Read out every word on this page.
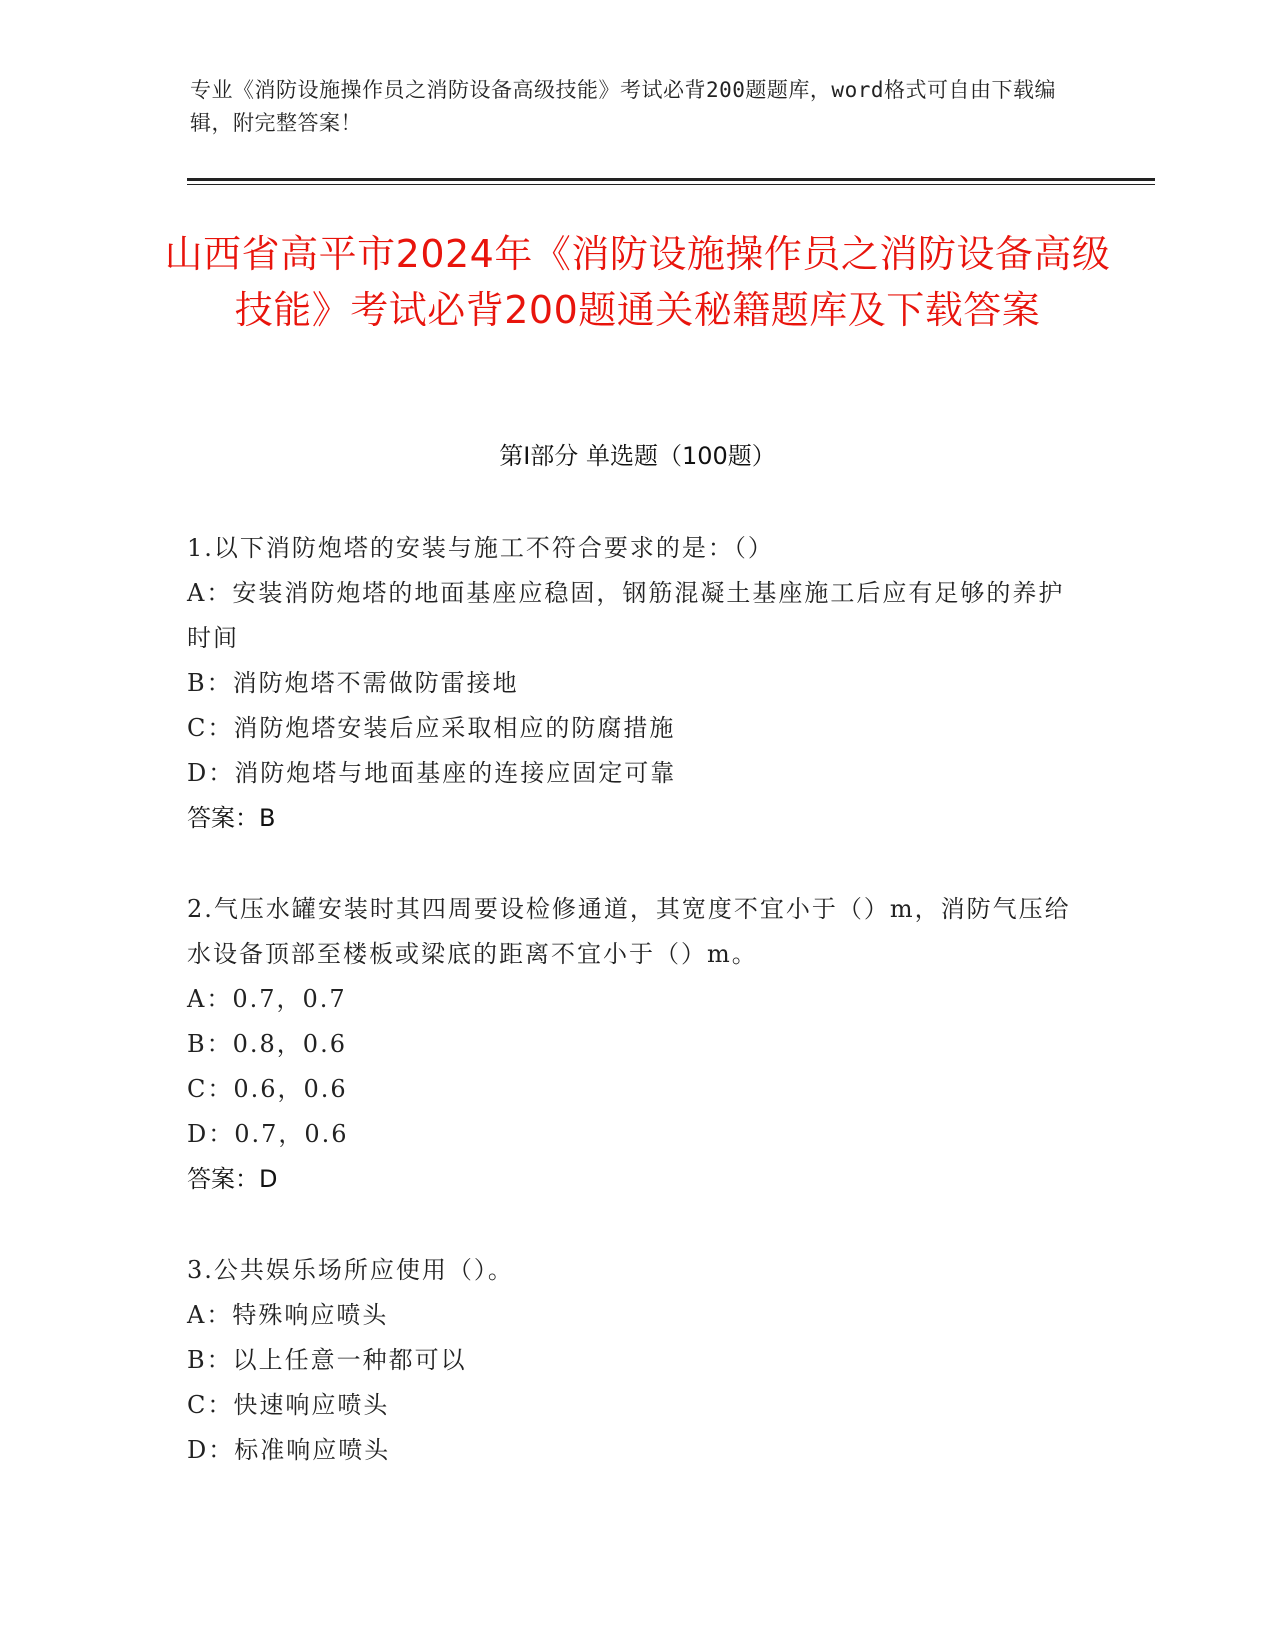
专业《消防设施操作员之消防设备高级技能》考试必背200题题库，word格式可自由下载编辑，附完整答案！
山西省高平市2024年《消防设施操作员之消防设备高级技能》考试必背200题通关秘籍题库及下载答案
第I部分 单选题（100题）

1.以下消防炮塔的安装与施工不符合要求的是：（）

A：安装消防炮塔的地面基座应稳固，钢筋混凝土基座施工后应有足够的养护时间

B：消防炮塔不需做防雷接地

C：消防炮塔安装后应采取相应的防腐措施

D：消防炮塔与地面基座的连接应固定可靠

答案：B

2.气压水罐安装时其四周要设检修通道，其宽度不宜小于（）m，消防气压给水设备顶部至楼板或梁底的距离不宜小于（）m。

A：0.7，0.7

B：0.8，0.6

C：0.6，0.6

D：0.7，0.6

答案：D

3.公共娱乐场所应使用（）。

A：特殊响应喷头

B：以上任意一种都可以

C：快速响应喷头

D：标准响应喷头
